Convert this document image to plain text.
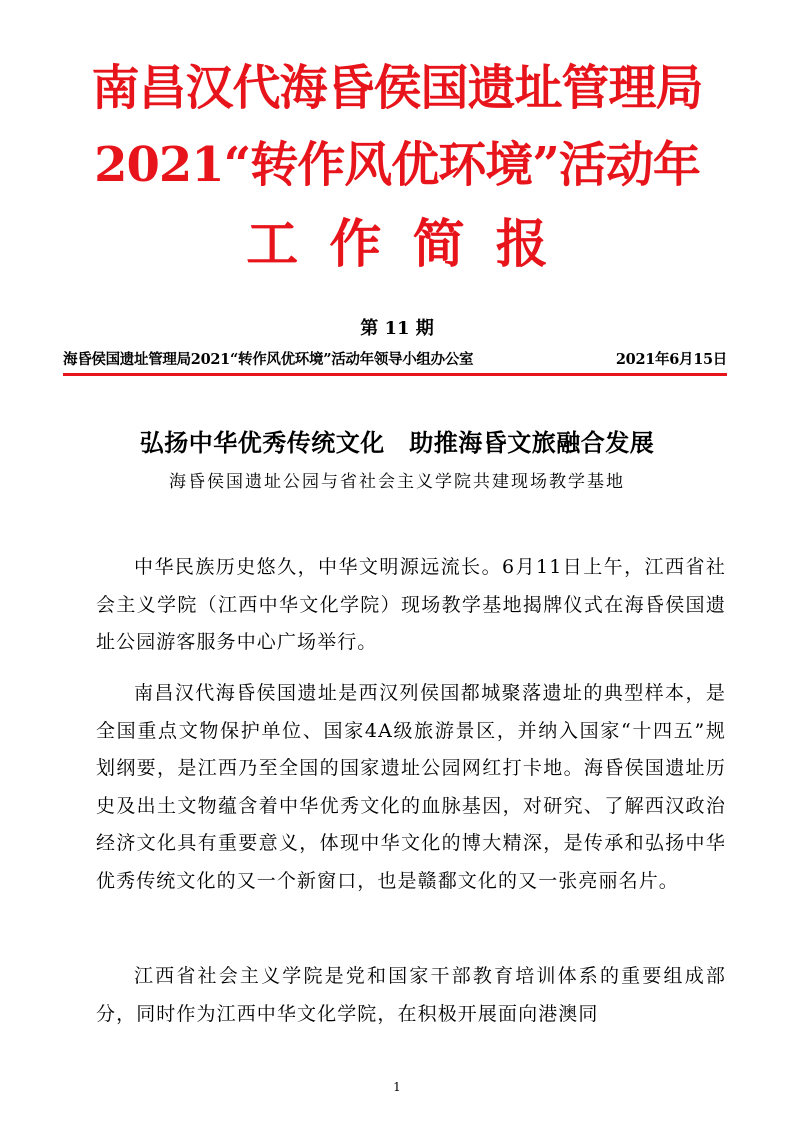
南昌汉代海昏侯国遗址管理局
2021“转作风优环境”活动年
工作简报
第 11 期
海昏侯国遗址管理局2021“转作风优环境”活动年领导小组办公室	2021年6月15日
弘扬中华优秀传统文化　助推海昏文旅融合发展
海昏侯国遗址公园与省社会主义学院共建现场教学基地

中华民族历史悠久，中华文明源远流长。6月11日上午，江西省社会主义学院（江西中华文化学院）现场教学基地揭牌仪式在海昏侯国遗址公园游客服务中心广场举行。

南昌汉代海昏侯国遗址是西汉列侯国都城聚落遗址的典型样本，是全国重点文物保护单位、国家4A级旅游景区，并纳入国家“十四五”规划纲要，是江西乃至全国的国家遗址公园网红打卡地。海昏侯国遗址历史及出土文物蕴含着中华优秀文化的血脉基因，对研究、了解西汉政治经济文化具有重要意义，体现中华文化的博大精深，是传承和弘扬中华优秀传统文化的又一个新窗口，也是赣鄱文化的又一张亮丽名片。

江西省社会主义学院是党和国家干部教育培训体系的重要组成部分，同时作为江西中华文化学院，在积极开展面向港澳同

1
